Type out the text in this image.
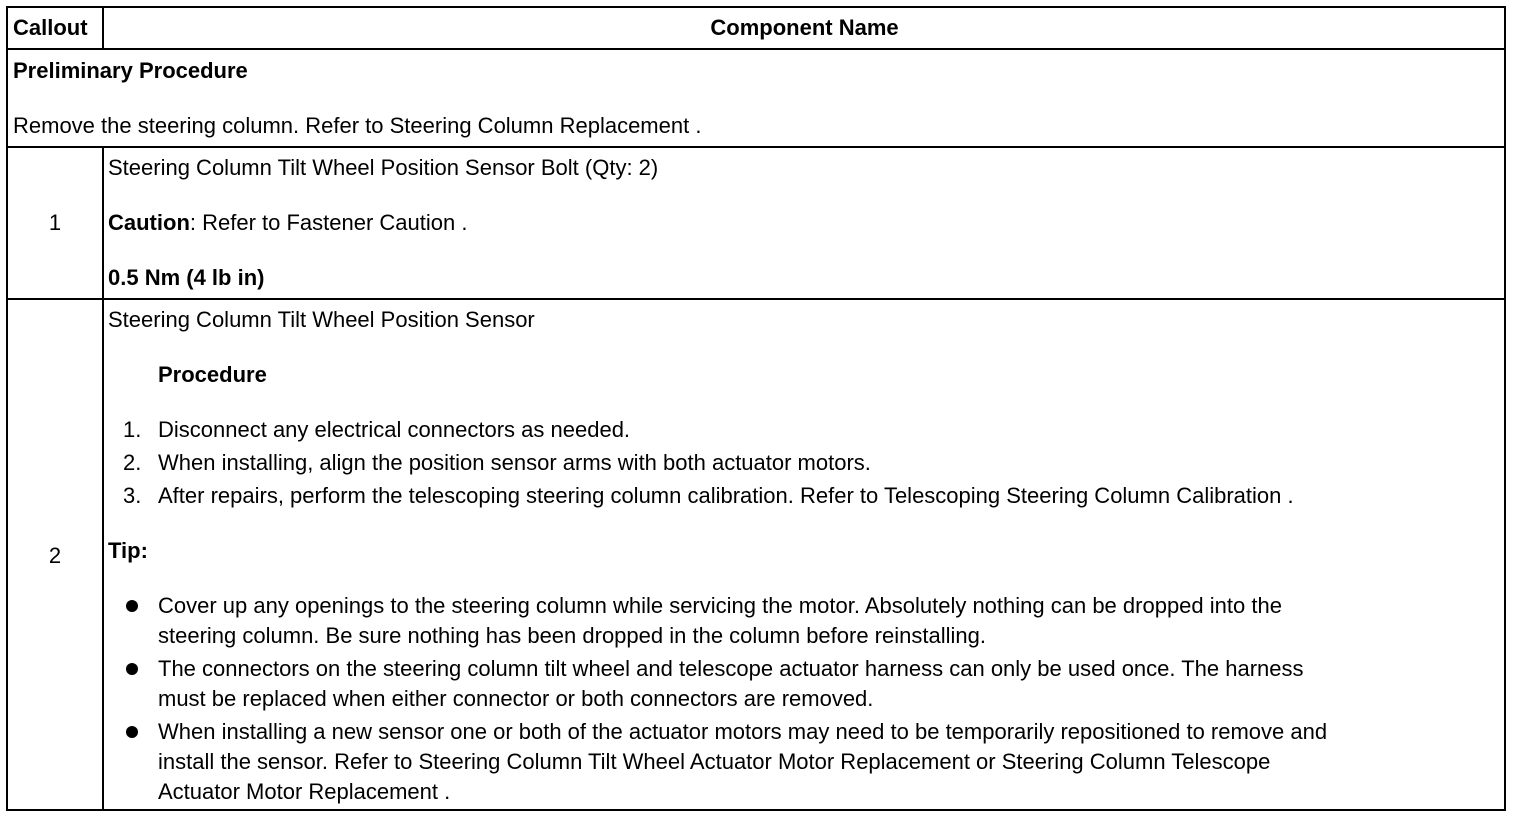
Callout	Component Name
Preliminary Procedure
Remove the steering column. Refer to Steering Column Replacement .
1
Steering Column Tilt Wheel Position Sensor Bolt (Qty: 2)
Caution: Refer to Fastener Caution .
0.5 Nm (4 lb in)
2
Steering Column Tilt Wheel Position Sensor
Procedure
1. Disconnect any electrical connectors as needed.
2. When installing, align the position sensor arms with both actuator motors.
3. After repairs, perform the telescoping steering column calibration. Refer to Telescoping Steering Column Calibration .
Tip:
Cover up any openings to the steering column while servicing the motor. Absolutely nothing can be dropped into the
steering column. Be sure nothing has been dropped in the column before reinstalling.
The connectors on the steering column tilt wheel and telescope actuator harness can only be used once. The harness
must be replaced when either connector or both connectors are removed.
When installing a new sensor one or both of the actuator motors may need to be temporarily repositioned to remove and
install the sensor. Refer to Steering Column Tilt Wheel Actuator Motor Replacement or Steering Column Telescope
Actuator Motor Replacement .
